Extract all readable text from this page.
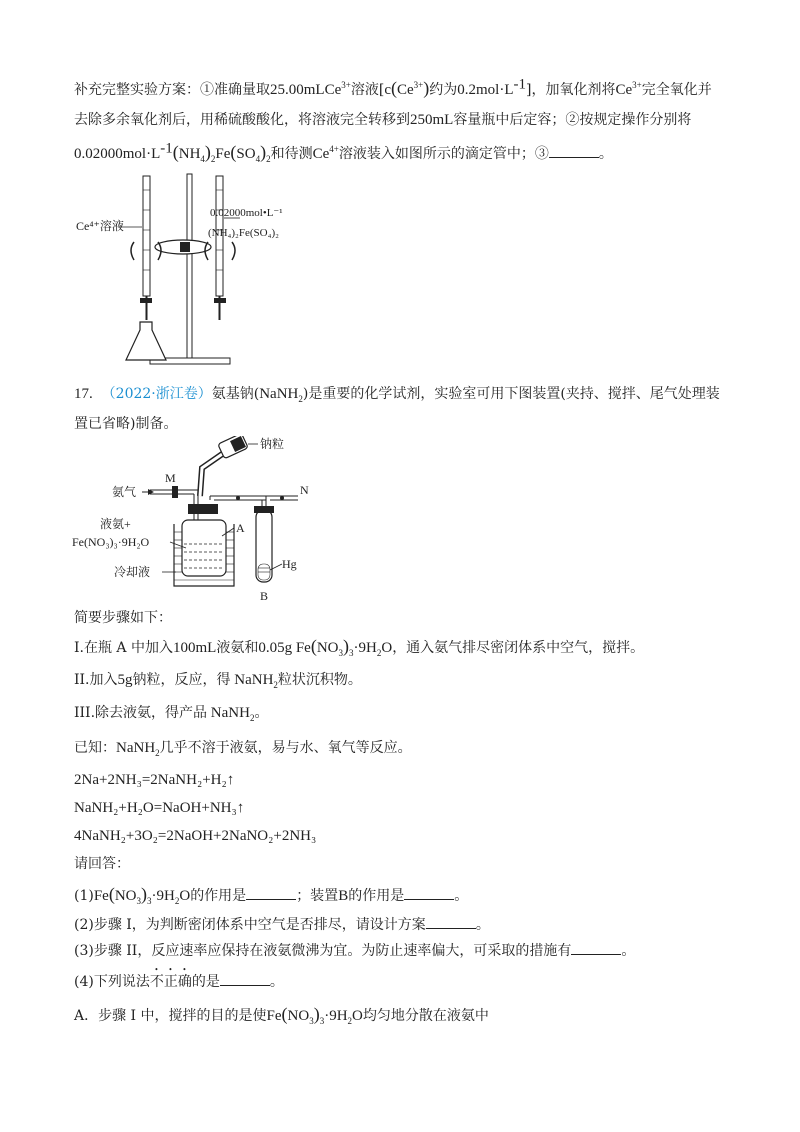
补充完整实验方案：①准确量取25.00mLCe$^{3+}$溶液[$c(Ce^{3+})$约为$0.2mol\cdot L^{-1}$]，加氧化剂将$Ce^{3+}$完全氧化并
去除多余氧化剂后，用稀硫酸酸化，将溶液完全转移到250mL容量瓶中后定容；②按规定操作分别将
$0.02000mol\cdot L^{-1}(NH_4)_2Fe(SO_4)_2$和待测$Ce^{4+}$溶液装入如图所示的滴定管中；③	。
Ce⁴⁺溶液
0.02000mol•L⁻¹
(NH₄)₂Fe(SO₄)₂
17. （2022·浙江卷）氨基钠(NaNH$_2$)是重要的化学试剂，实验室可用下图装置(夹持、搅拌、尾气处理装
置已省略)制备。
钠粒
M
氨气	N
液氨+
Fe(NO₃)₃·9H₂O
冷却液
A
Hg
B
简要步骤如下：
I.在瓶 A 中加入100mL液氨和0.05g $Fe(NO_3)_3\cdot 9H_2O$，通入氨气排尽密闭体系中空气，搅拌。
II.加入5g钠粒，反应，得 NaNH$_2$粒状沉积物。
III.除去液氨，得产品 NaNH$_2$。
已知：NaNH$_2$几乎不溶于液氨，易与水、氧气等反应。
2Na+2NH₃=2NaNH₂+H₂↑
NaNH₂+H₂O=NaOH+NH₃↑
4NaNH₂+3O₂=2NaOH+2NaNO₂+2NH₃
请回答：
$(1)Fe(NO_3)_3\cdot 9H_2O$的作用是	；装置B的作用是	。
(2)步骤 I，为判断密闭体系中空气是否排尽，请设计方案	。
(3)步骤 II，反应速率应保持在液氨微沸为宜。为防止速率偏大，可采取的措施有	。
(4)下列说法不正确的是	。
A．步骤 I 中，搅拌的目的是使$Fe(NO_3)_3\cdot 9H_2O$均匀地分散在液氨中
